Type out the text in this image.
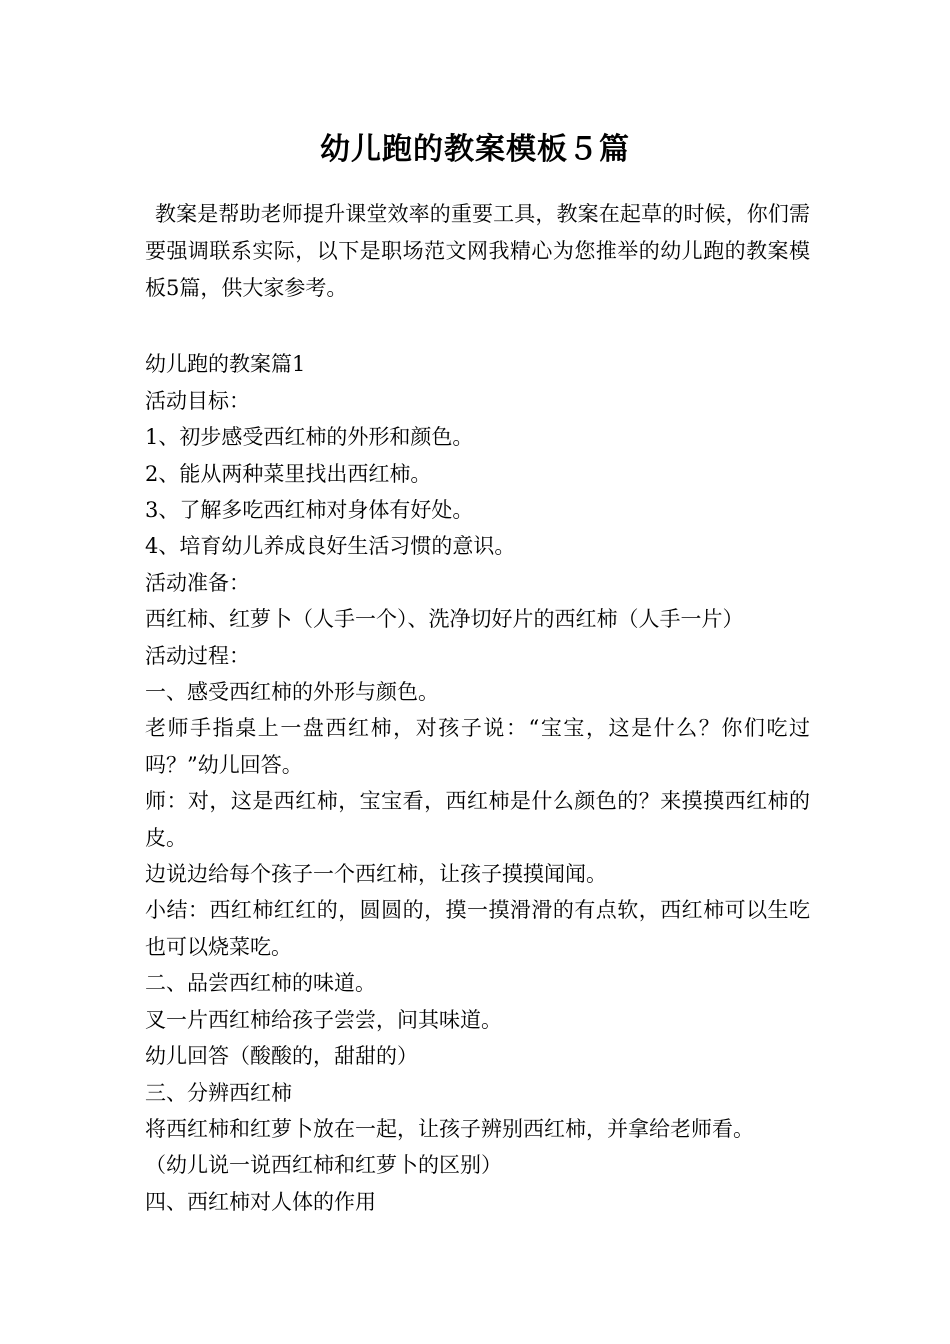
幼儿跑的教案模板５篇

教案是帮助老师提升课堂效率的重要工具，教案在起草的时候，你们需要强调联系实际，以下是职场范文网我精心为您推举的幼儿跑的教案模板5篇，供大家参考。

幼儿跑的教案篇1

活动目标：

1、初步感受西红柿的外形和颜色。

2、能从两种菜里找出西红柿。

3、了解多吃西红柿对身体有好处。

4、培育幼儿养成良好生活习惯的意识。

活动准备：

西红柿、红萝卜（人手一个）、洗净切好片的西红柿（人手一片）

活动过程：

一、感受西红柿的外形与颜色。

老师手指桌上一盘西红柿，对孩子说：“宝宝，这是什么？你们吃过吗？”幼儿回答。

师：对，这是西红柿，宝宝看，西红柿是什么颜色的？来摸摸西红柿的皮。

边说边给每个孩子一个西红柿，让孩子摸摸闻闻。

小结：西红柿红红的，圆圆的，摸一摸滑滑的有点软，西红柿可以生吃也可以烧菜吃。

二、品尝西红柿的味道。

叉一片西红柿给孩子尝尝，问其味道。

幼儿回答（酸酸的，甜甜的）

三、分辨西红柿

将西红柿和红萝卜放在一起，让孩子辨别西红柿，并拿给老师看。

（幼儿说一说西红柿和红萝卜的区别）

四、西红柿对人体的作用
